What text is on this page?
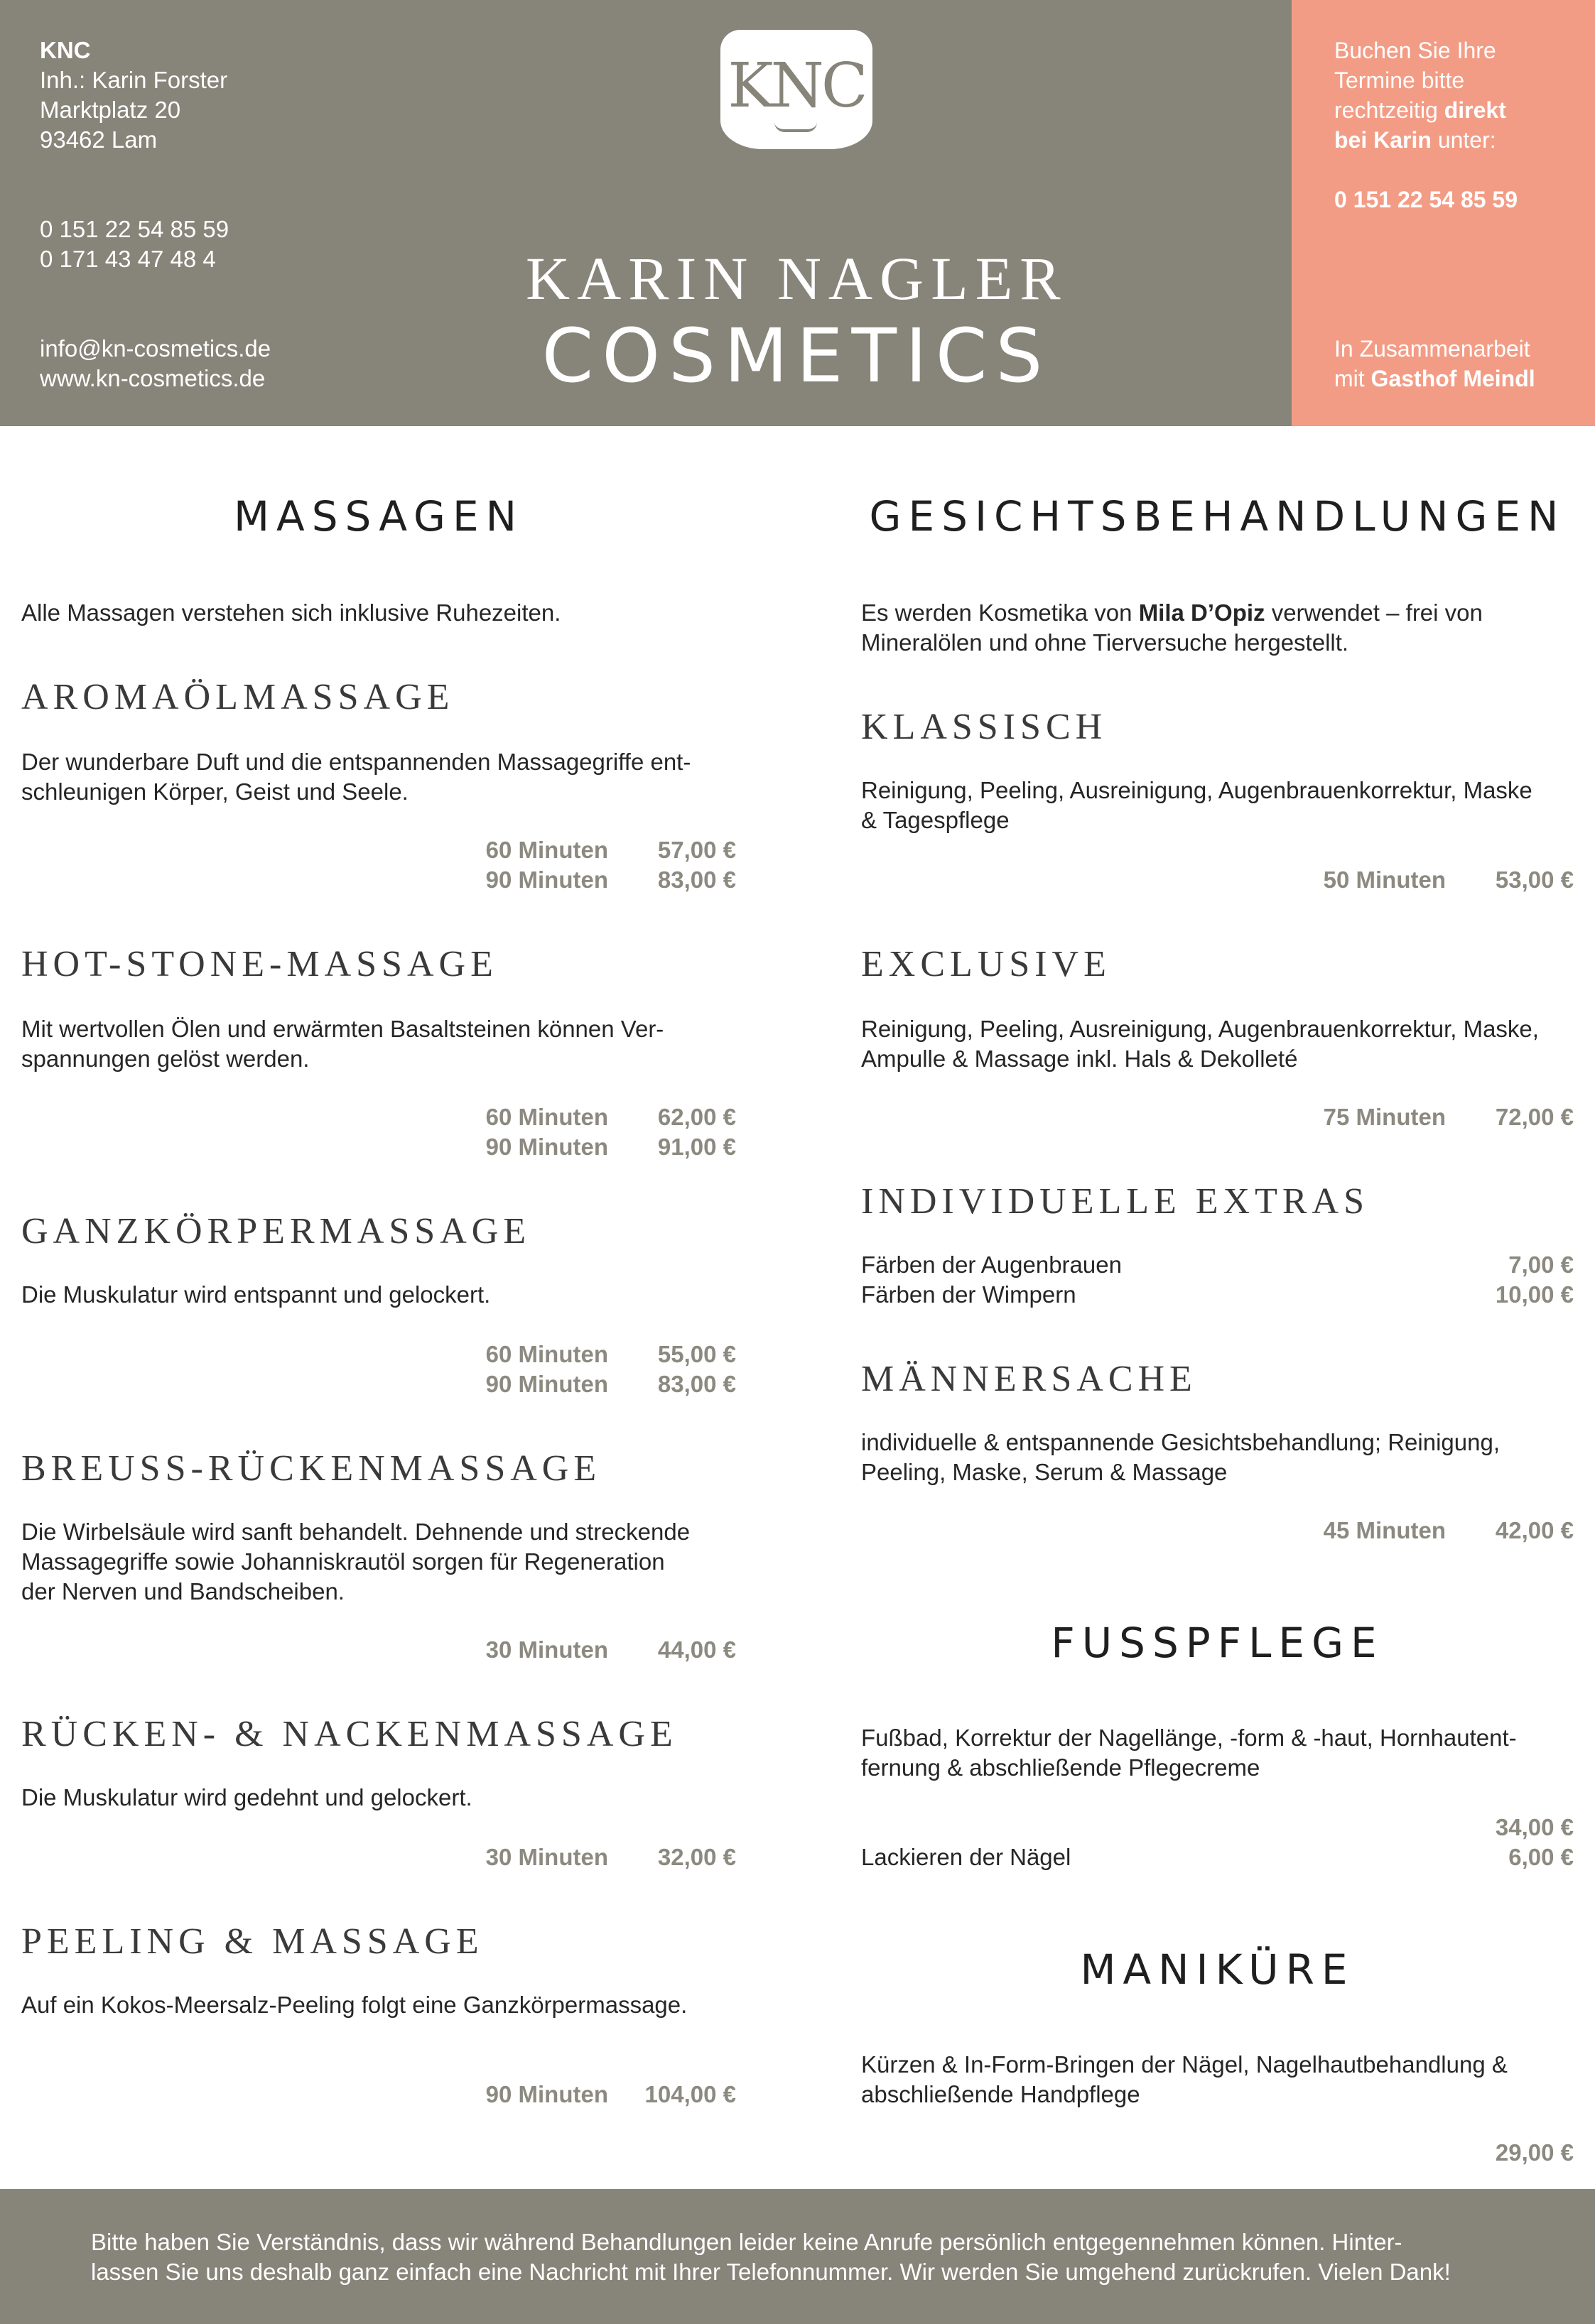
KNC
Inh.: Karin Forster
Marktplatz 20
93462 Lam
0 151 22 54 85 59
0 171 43 47 48 4
info@kn-cosmetics.de
www.kn-cosmetics.de
KNC
KARIN NAGLER
COSMETICS
Buchen Sie Ihre
Termine bitte
rechtzeitig direkt
bei Karin unter:
0 151 22 54 85 59
In Zusammenarbeit
mit Gasthof Meindl
MASSAGEN
Alle Massagen verstehen sich inklusive Ruhezeiten.
AROMAÖLMASSAGE
Der wunderbare Duft und die entspannenden Massagegriffe ent-
schleunigen Körper, Geist und Seele.
60 Minuten 57,00 €
90 Minuten 83,00 €
HOT-STONE-MASSAGE
Mit wertvollen Ölen und erwärmten Basaltsteinen können Ver-
spannungen gelöst werden.
60 Minuten 62,00 €
90 Minuten 91,00 €
GANZKÖRPERMASSAGE
Die Muskulatur wird entspannt und gelockert.
60 Minuten 55,00 €
90 Minuten 83,00 €
BREUSS-RÜCKENMASSAGE
Die Wirbelsäule wird sanft behandelt. Dehnende und streckende
Massagegriffe sowie Johanniskrautöl sorgen für Regeneration
der Nerven und Bandscheiben.
30 Minuten 44,00 €
RÜCKEN- & NACKENMASSAGE
Die Muskulatur wird gedehnt und gelockert.
30 Minuten 32,00 €
PEELING & MASSAGE
Auf ein Kokos-Meersalz-Peeling folgt eine Ganzkörpermassage.
90 Minuten 104,00 €
GESICHTSBEHANDLUNGEN
Es werden Kosmetika von Mila D’Opiz verwendet – frei von
Mineralölen und ohne Tierversuche hergestellt.
KLASSISCH
Reinigung, Peeling, Ausreinigung, Augenbrauenkorrektur, Maske
& Tagespflege
50 Minuten 53,00 €
EXCLUSIVE
Reinigung, Peeling, Ausreinigung, Augenbrauenkorrektur, Maske,
Ampulle & Massage inkl. Hals & Dekolleté
75 Minuten 72,00 €
INDIVIDUELLE EXTRAS
Färben der Augenbrauen	7,00 €
Färben der Wimpern	10,00 €
MÄNNERSACHE
individuelle & entspannende Gesichtsbehandlung; Reinigung,
Peeling, Maske, Serum & Massage
45 Minuten 42,00 €
FUSSPFLEGE
Fußbad, Korrektur der Nagellänge, -form & -haut, Hornhautent-
fernung & abschließende Pflegecreme
34,00 €
Lackieren der Nägel	6,00 €
MANIKÜRE
Kürzen & In-Form-Bringen der Nägel, Nagelhautbehandlung &
abschließende Handpflege
29,00 €
Bitte haben Sie Verständnis, dass wir während Behandlungen leider keine Anrufe persönlich entgegennehmen können. Hinter-
lassen Sie uns deshalb ganz einfach eine Nachricht mit Ihrer Telefonnummer. Wir werden Sie umgehend zurückrufen. Vielen Dank!
